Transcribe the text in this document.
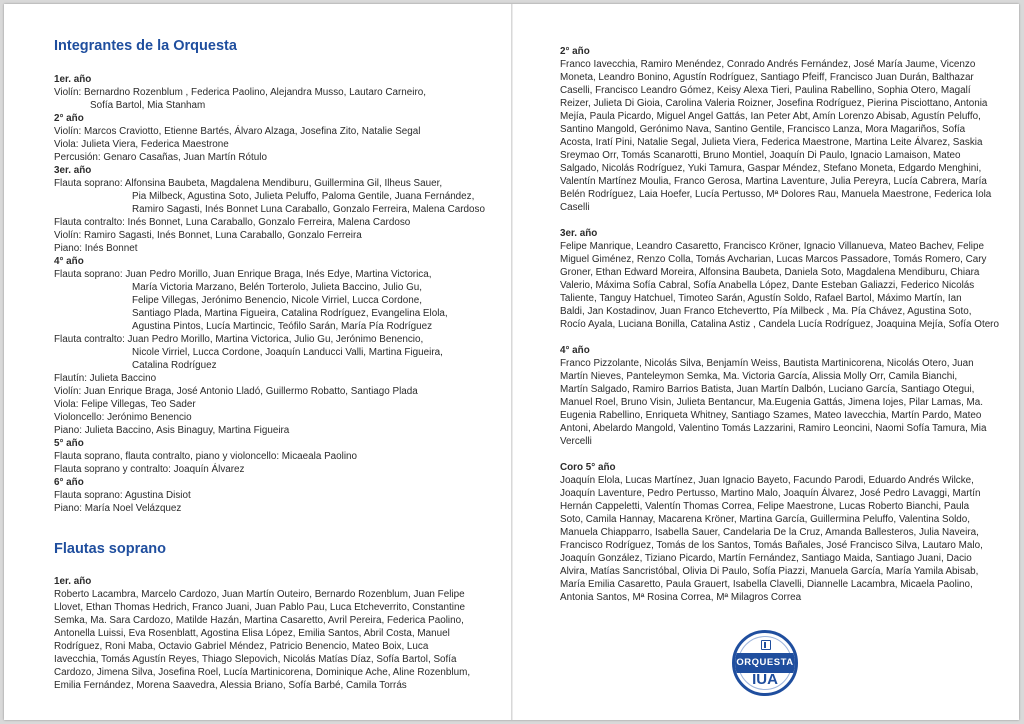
Integrantes de la Orquesta
1er. año
Violín: Bernardno Rozenblum , Federica Paolino, Alejandra Musso, Lautaro Carneiro,
Sofía Bartol, Mia Stanham
2° año
Violín: Marcos Craviotto, Etienne Bartés, Álvaro Alzaga, Josefina Zito, Natalie Segal
Viola: Julieta Viera, Federica Maestrone
Percusión: Genaro Casañas, Juan Martín Rótulo
3er. año
Flauta soprano: Alfonsina Baubeta, Magdalena Mendiburu, Guillermina Gil, Ilheus Sauer,
Pia Milbeck, Agustina Soto, Julieta Peluffo, Paloma Gentile, Juana Fernández,
Ramiro Sagasti, Inés Bonnet Luna Caraballo, Gonzalo Ferreira, Malena Cardoso
Flauta contralto: Inés Bonnet, Luna Caraballo, Gonzalo Ferreira, Malena Cardoso
Violín: Ramiro Sagasti, Inés Bonnet, Luna Caraballo, Gonzalo Ferreira
Piano: Inés Bonnet
4° año
Flauta soprano: Juan Pedro Morillo, Juan Enrique Braga, Inés Edye, Martina Victorica,
María Victoria Marzano, Belén Torterolo, Julieta Baccino, Julio Gu,
Felipe Villegas, Jerónimo Benencio, Nicole Virriel, Lucca Cordone,
Santiago Plada, Martina Figueira, Catalina Rodríguez, Evangelina Elola,
Agustina Pintos, Lucía Martincic, Teófilo Sarán, María Pía Rodríguez
Flauta contralto: Juan Pedro Morillo, Martina Victorica, Julio Gu, Jerónimo Benencio,
Nicole Virriel, Lucca Cordone, Joaquín Landucci Valli, Martina Figueira,
Catalina Rodríguez
Flautín: Julieta Baccino
Violín: Juan Enrique Braga, José Antonio Lladó, Guillermo Robatto, Santiago Plada
Viola: Felipe Villegas, Teo Sader
Violoncello: Jerónimo Benencio
Piano: Julieta Baccino, Asis Binaguy, Martina Figueira
5° año
Flauta soprano, flauta contralto, piano y violoncello: Micaeala Paolino
Flauta soprano y contralto: Joaquín Álvarez
6° año
Flauta soprano: Agustina Disiot
Piano: María Noel Velázquez
Flautas soprano
1er. año
Roberto Lacambra, Marcelo Cardozo, Juan Martín Outeiro, Bernardo Rozenblum, Juan Felipe
Llovet, Ethan Thomas Hedrich, Franco Juani, Juan Pablo Pau, Luca Etcheverrito, Constantine
Semka, Ma. Sara Cardozo, Matilde Hazán, Martina Casaretto, Avril Pereira, Federica Paolino,
Antonella Luissi, Eva Rosenblatt, Agostina Elisa López, Emilia Santos, Abril Costa, Manuel
Rodríguez, Roni Maba, Octavio Gabriel Méndez, Patricio Benencio, Mateo Boix, Luca
Iavecchia, Tomás Agustín Reyes, Thiago Slepovich, Nicolás Matías Díaz, Sofía Bartol, Sofía
Cardozo, Jimena Silva, Josefina Roel, Lucía Martinicorena, Dominique Ache, Aline Rozenblum,
Emilia Fernández, Morena Saavedra, Alessia Briano, Sofía Barbé, Camila Torrás
2° año
Franco Iavecchia, Ramiro Menéndez, Conrado Andrés Fernández, José María Jaume, Vicenzo
Moneta, Leandro Bonino, Agustín Rodríguez, Santiago Pfeiff, Francisco Juan Durán, Balthazar
Caselli, Francisco Leandro Gómez, Keisy Alexa Tieri, Paulina Rabellino, Sophia Otero, Magalí
Reizer, Julieta Di Gioia, Carolina Valeria Roizner, Josefina Rodríguez, Pierina Pisciottano, Antonia
Mejía, Paula Picardo, Miguel Angel Gattás, Ian Peter Abt, Amín Lorenzo Abisab, Agustín Peluffo,
Santino Mangold, Gerónimo Nava, Santino Gentile, Francisco Lanza, Mora Magariños, Sofía
Acosta, Iratí Pini, Natalie Segal, Julieta Viera, Federica Maestrone, Martina Leite Álvarez, Saskia
Sreymao Orr, Tomás Scanarotti, Bruno Montiel, Joaquín Di Paulo, Ignacio Lamaison, Mateo
Salgado, Nicolás Rodríguez, Yuki Tamura, Gaspar Méndez, Stefano Moneta, Edgardo Menghini,
Valentín Martínez Moulia, Franco Gerosa, Martina Laventure, Julia Pereyra, Lucía Cabrera, María
Belén Rodríguez, Laia Hoefer, Lucía Pertusso, Mª Dolores Rau, Manuela Maestrone, Federica Iola
Caselli
3er. año
Felipe Manrique, Leandro Casaretto, Francisco Kröner, Ignacio Villanueva, Mateo Bachev, Felipe
Miguel Giménez, Renzo Colla, Tomás Avcharian, Lucas Marcos Passadore, Tomás Romero, Cary
Groner, Ethan Edward Moreira, Alfonsina Baubeta, Daniela Soto, Magdalena Mendiburu, Chiara
Valerio, Máxima Sofía Cabral, Sofía Anabella López, Dante Esteban Galiazzi, Federico Nicolás
Taliente, Tanguy Hatchuel, Timoteo Sarán, Agustín Soldo, Rafael Bartol, Máximo Martín, Ian
Baldi, Jan Kostadinov, Juan Franco Etchevertto, Pía Milbeck , Ma. Pía Chávez, Agustina Soto,
Rocío Ayala, Luciana Bonilla, Catalina Astiz , Candela Lucía Rodríguez, Joaquina Mejía, Sofía Otero
4° año
Franco Pizzolante, Nicolás Silva, Benjamín Weiss, Bautista Martinicorena, Nicolás Otero, Juan
Martín Nieves, Panteleymon Semka, Ma. Victoria García, Alissia Molly Orr, Camila Bianchi,
Martín Salgado, Ramiro Barrios Batista, Juan Martín Dalbón, Luciano García, Santiago Otegui,
Manuel Roel, Bruno Visin, Julieta Bentancur, Ma.Eugenia Gattás, Jimena Iojes, Pilar Lamas, Ma.
Eugenia Rabellino, Enriqueta Whitney, Santiago Szames, Mateo Iavecchia, Martín Pardo, Mateo
Antoni, Abelardo Mangold, Valentino Tomás Lazzarini, Ramiro Leoncini, Naomi Sofía Tamura, Mia
Vercelli
Coro 5° año
Joaquín Elola, Lucas Martínez, Juan Ignacio Bayeto, Facundo Parodi, Eduardo Andrés Wilcke,
Joaquín Laventure, Pedro Pertusso, Martino Malo, Joaquín Álvarez, José Pedro Lavaggi, Martín
Hernán Cappeletti, Valentín Thomas Correa, Felipe Maestrone, Lucas Roberto Bianchi, Paula
Soto, Camila Hannay, Macarena Kröner, Martina García, Guillermina Peluffo, Valentina Soldo,
Manuela Chiapparro, Isabella Sauer, Candelaria De la Cruz, Amanda Ballesteros, Julia Naveira,
Francisco Rodríguez, Tomás de los Santos, Tomás Bañales, José Francisco Silva, Lautaro Malo,
Joaquín González, Tiziano Picardo, Martín Fernández, Santiago Maida, Santiago Juani, Dacio
Alvira, Matías Sancristóbal, Olivia Di Paulo, Sofía Piazzi, Manuela García, María Yamila Abisab,
María Emilia Casaretto, Paula Grauert, Isabella Clavelli, Diannelle Lacambra, Micaela Paolino,
Antonia Santos, Mª Rosina Correa, Mª Milagros Correa
ORQUESTA
IUA
